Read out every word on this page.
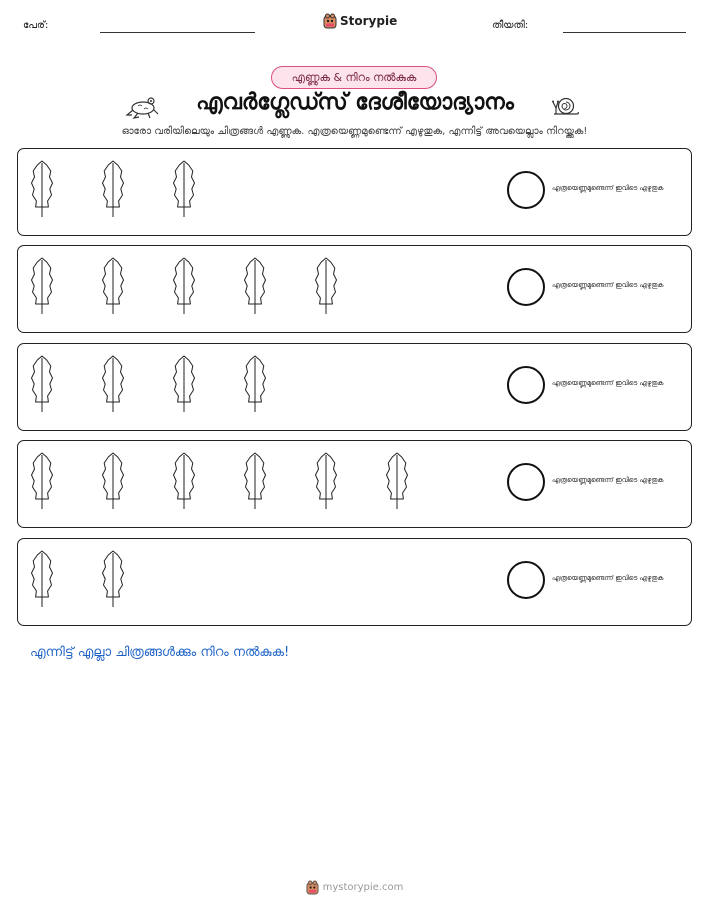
പേര്:	Storypie	തീയതി:
എണ്ണുക & നിറം നൽകുക
എവർഗ്ലേഡ്സ് ദേശീയോദ്യാനം
ഓരോ വരിയിലെയും ചിത്രങ്ങൾ എണ്ണുക. എത്രയെണ്ണമുണ്ടെന്ന് എഴുതുക, എന്നിട്ട് അവയെല്ലാം നിറയ്ക്കുക!
എത്രയെണ്ണമുണ്ടെന്ന് ഇവിടെ എഴുതുക
എത്രയെണ്ണമുണ്ടെന്ന് ഇവിടെ എഴുതുക
എത്രയെണ്ണമുണ്ടെന്ന് ഇവിടെ എഴുതുക
എത്രയെണ്ണമുണ്ടെന്ന് ഇവിടെ എഴുതുക
എത്രയെണ്ണമുണ്ടെന്ന് ഇവിടെ എഴുതുക
എന്നിട്ട് എല്ലാ ചിത്രങ്ങൾക്കും നിറം നൽകുക!
mystorypie.com
